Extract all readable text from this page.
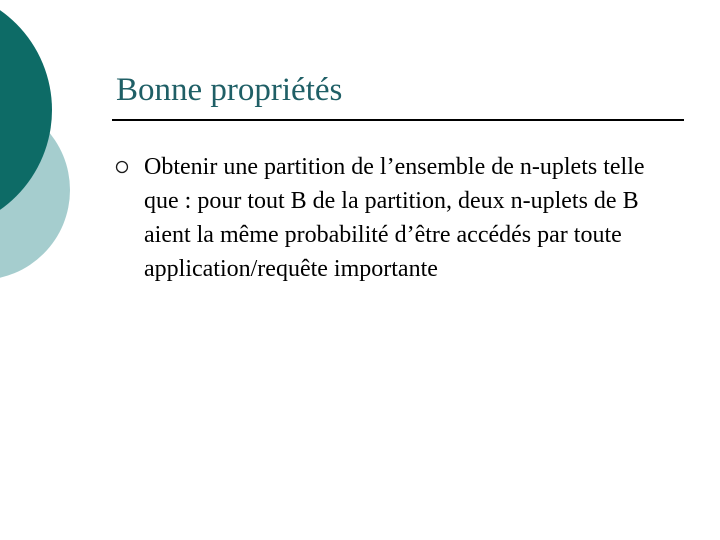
Bonne propriétés
Obtenir une partition de l’ensemble de n-uplets telle que : pour tout B de la partition, deux n-uplets de B aient la même probabilité d’être accédés par toute application/requête importante
